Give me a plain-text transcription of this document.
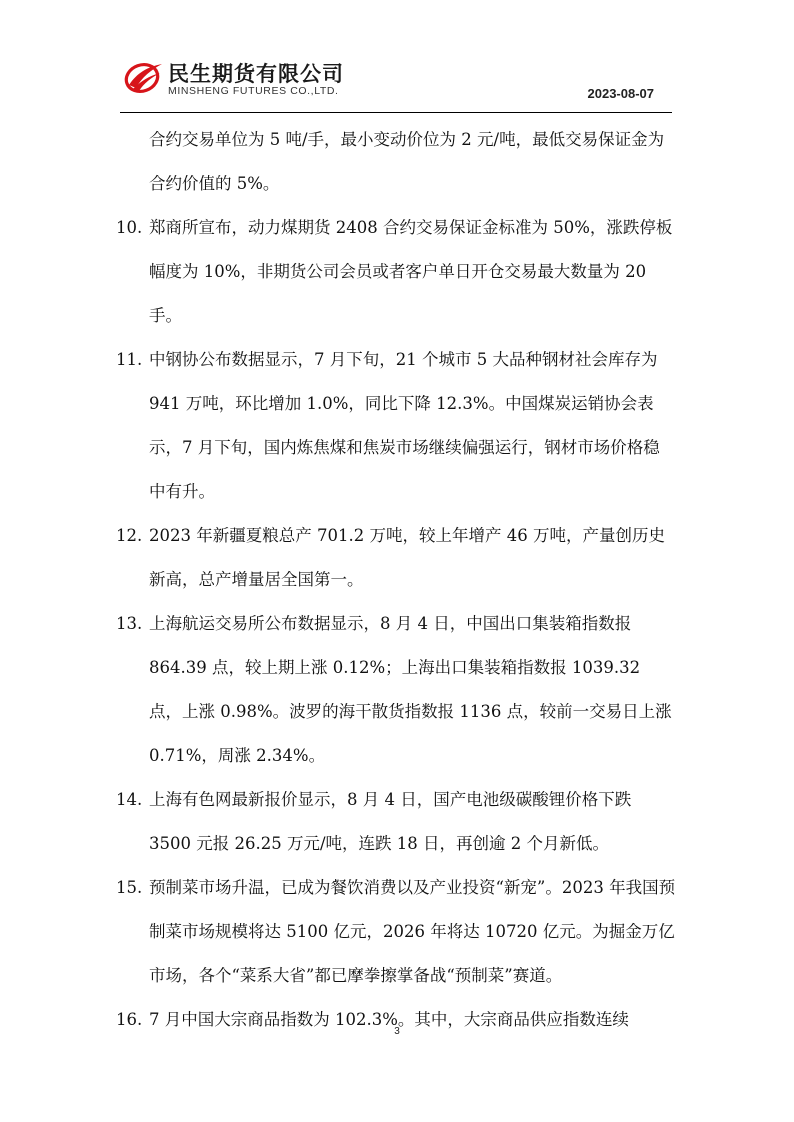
民生期货有限公司
MINSHENG FUTURES CO.,LTD.	2023-08-07

合约交易单位为 5 吨/手，最小变动价位为 2 元/吨，最低交易保证金为合约价值的 5%。

10. 郑商所宣布，动力煤期货 2408 合约交易保证金标准为 50%，涨跌停板幅度为 10%，非期货公司会员或者客户单日开仓交易最大数量为 20 手。
11. 中钢协公布数据显示，7 月下旬，21 个城市 5 大品种钢材社会库存为 941 万吨，环比增加 1.0%，同比下降 12.3%。中国煤炭运销协会表示，7 月下旬，国内炼焦煤和焦炭市场继续偏强运行，钢材市场价格稳中有升。
12. 2023 年新疆夏粮总产 701.2 万吨，较上年增产 46 万吨，产量创历史新高，总产增量居全国第一。
13. 上海航运交易所公布数据显示，8 月 4 日，中国出口集装箱指数报 864.39 点，较上期上涨 0.12%；上海出口集装箱指数报 1039.32 点，上涨 0.98%。波罗的海干散货指数报 1136 点，较前一交易日上涨 0.71%，周涨 2.34%。
14. 上海有色网最新报价显示，8 月 4 日，国产电池级碳酸锂价格下跌 3500 元报 26.25 万元/吨，连跌 18 日，再创逾 2 个月新低。
15. 预制菜市场升温，已成为餐饮消费以及产业投资“新宠”。2023 年我国预制菜市场规模将达 5100 亿元，2026 年将达 10720 亿元。为掘金万亿市场，各个“菜系大省”都已摩拳擦掌备战“预制菜”赛道。
16. 7 月中国大宗商品指数为 102.3%。其中，大宗商品供应指数连续
3
